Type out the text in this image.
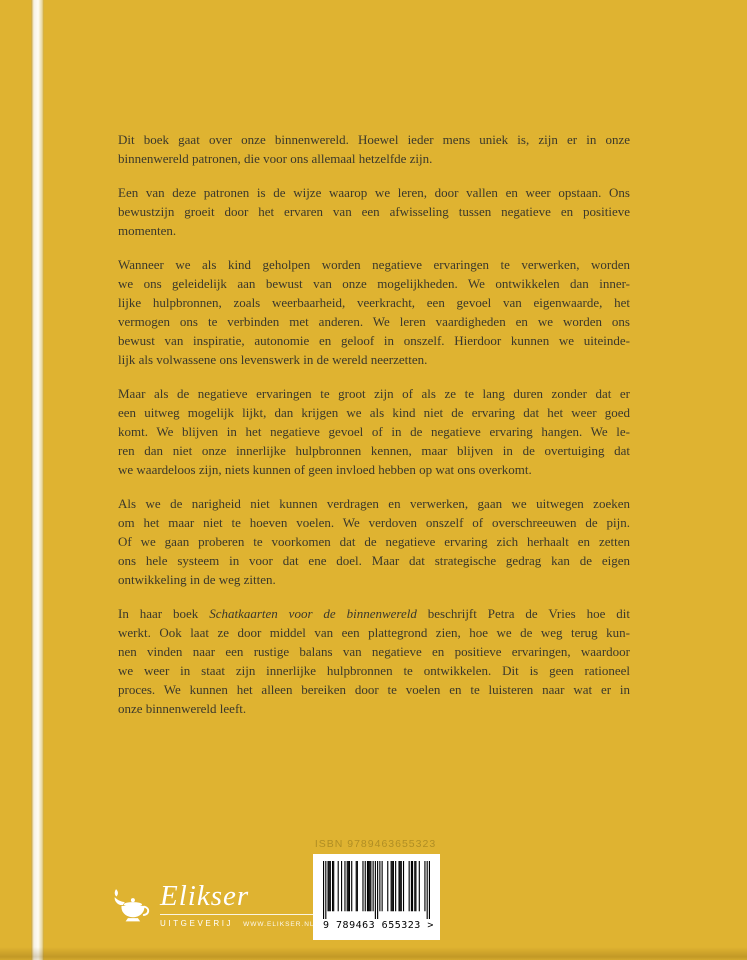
Dit boek gaat over onze binnenwereld. Hoewel ieder mens uniek is, zijn er in onze
binnenwereld patronen, die voor ons allemaal hetzelfde zijn.
Een van deze patronen is de wijze waarop we leren, door vallen en weer opstaan. Ons
bewustzijn groeit door het ervaren van een afwisseling tussen negatieve en positieve
momenten.
Wanneer we als kind geholpen worden negatieve ervaringen te verwerken, worden
we ons geleidelijk aan bewust van onze mogelijkheden. We ontwikkelen dan inner-
lijke hulpbronnen, zoals weerbaarheid, veerkracht, een gevoel van eigenwaarde, het
vermogen ons te verbinden met anderen. We leren vaardigheden en we worden ons
bewust van inspiratie, autonomie en geloof in onszelf. Hierdoor kunnen we uiteinde-
lijk als volwassene ons levenswerk in de wereld neerzetten.
Maar als de negatieve ervaringen te groot zijn of als ze te lang duren zonder dat er
een uitweg mogelijk lijkt, dan krijgen we als kind niet de ervaring dat het weer goed
komt. We blijven in het negatieve gevoel of in de negatieve ervaring hangen. We le-
ren dan niet onze innerlijke hulpbronnen kennen, maar blijven in de overtuiging dat
we waardeloos zijn, niets kunnen of geen invloed hebben op wat ons overkomt.
Als we de narigheid niet kunnen verdragen en verwerken, gaan we uitwegen zoeken
om het maar niet te hoeven voelen. We verdoven onszelf of overschreeuwen de pijn.
Of we gaan proberen te voorkomen dat de negatieve ervaring zich herhaalt en zetten
ons hele systeem in voor dat ene doel. Maar dat strategische gedrag kan de eigen
ontwikkeling in de weg zitten.
In haar boek Schatkaarten voor de binnenwereld beschrijft Petra de Vries hoe dit
werkt. Ook laat ze door middel van een plattegrond zien, hoe we de weg terug kun-
nen vinden naar een rustige balans van negatieve en positieve ervaringen, waardoor
we weer in staat zijn innerlijke hulpbronnen te ontwikkelen. Dit is geen rationeel
proces. We kunnen het alleen bereiken door te voelen en te luisteren naar wat er in
onze binnenwereld leeft.
ISBN 9789463655323
9 789463 655323 >
Elikser
UITGEVERIJ WWW.ELIKSER.NL
